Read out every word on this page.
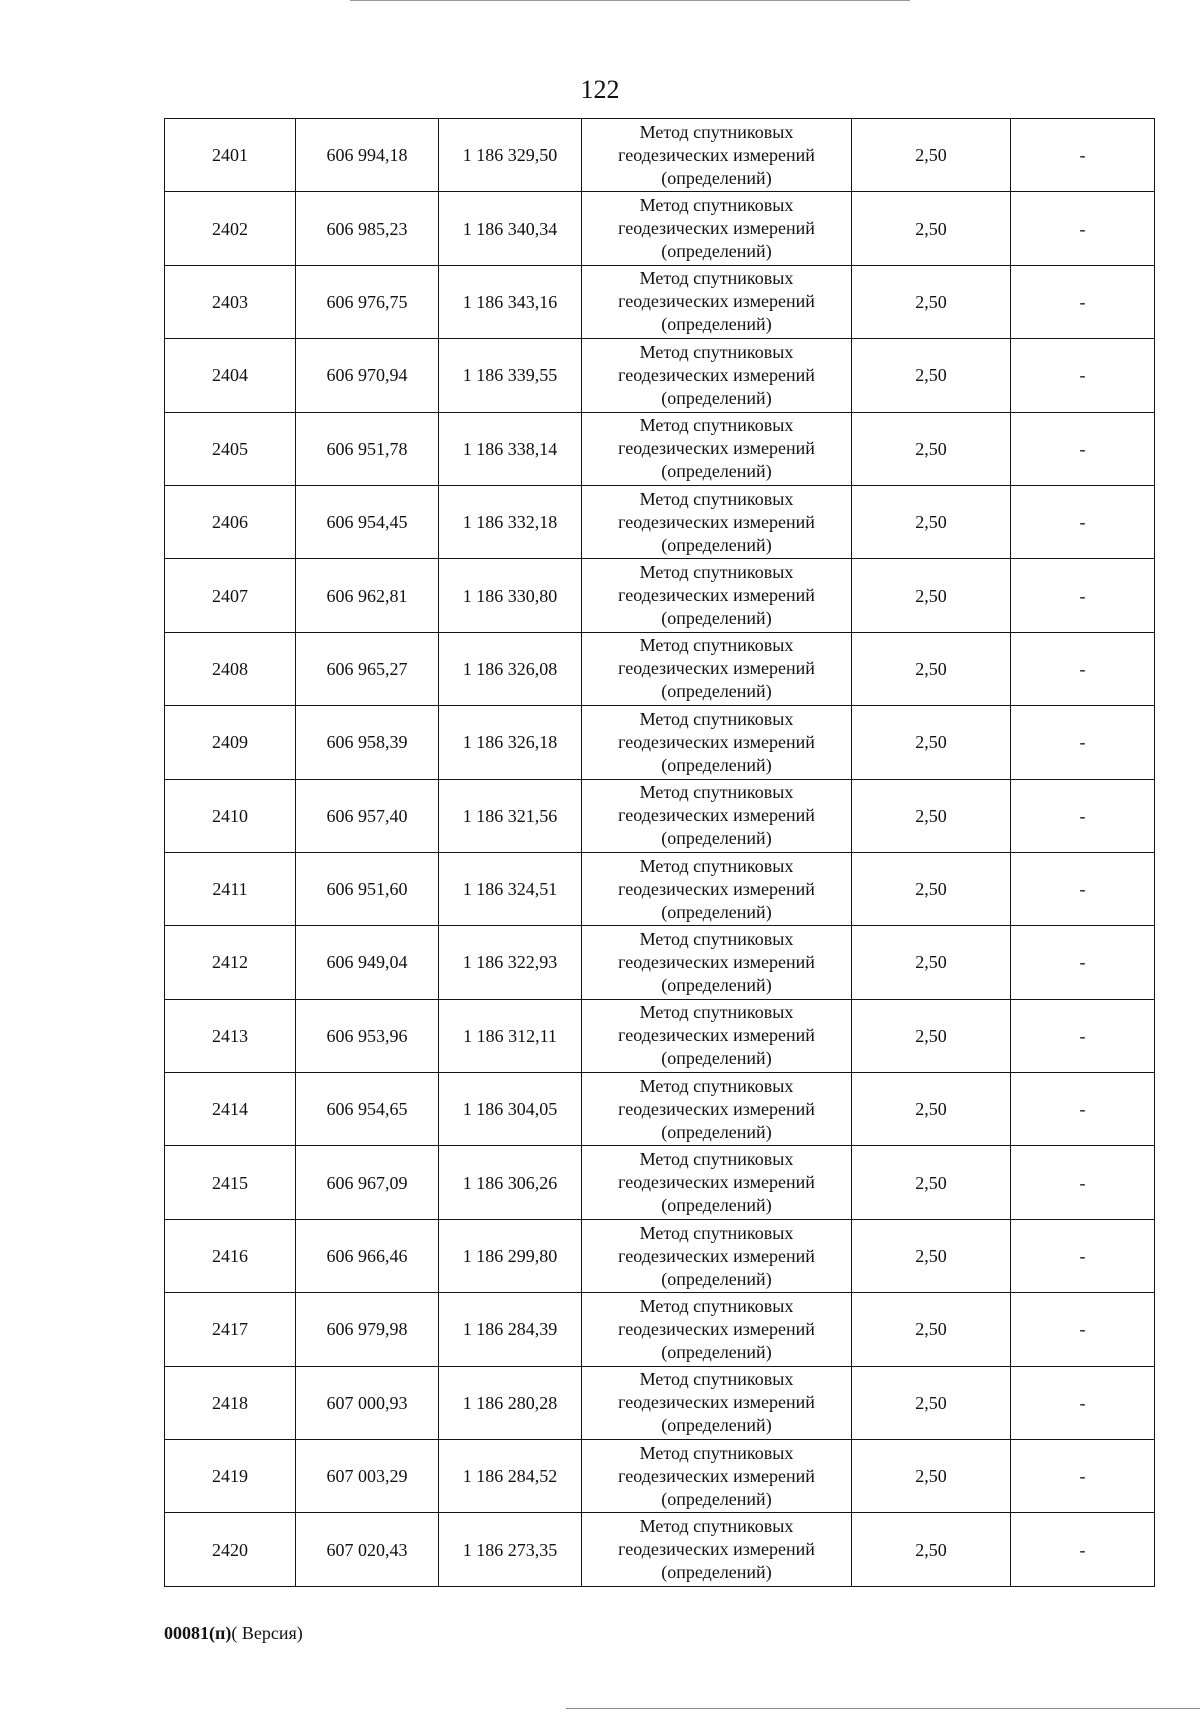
122
2401	606 994,18	1 186 329,50	Метод спутниковых
геодезических измерений
(определений)	2,50	-
2402	606 985,23	1 186 340,34	Метод спутниковых
геодезических измерений
(определений)	2,50	-
2403	606 976,75	1 186 343,16	Метод спутниковых
геодезических измерений
(определений)	2,50	-
2404	606 970,94	1 186 339,55	Метод спутниковых
геодезических измерений
(определений)	2,50	-
2405	606 951,78	1 186 338,14	Метод спутниковых
геодезических измерений
(определений)	2,50	-
2406	606 954,45	1 186 332,18	Метод спутниковых
геодезических измерений
(определений)	2,50	-
2407	606 962,81	1 186 330,80	Метод спутниковых
геодезических измерений
(определений)	2,50	-
2408	606 965,27	1 186 326,08	Метод спутниковых
геодезических измерений
(определений)	2,50	-
2409	606 958,39	1 186 326,18	Метод спутниковых
геодезических измерений
(определений)	2,50	-
2410	606 957,40	1 186 321,56	Метод спутниковых
геодезических измерений
(определений)	2,50	-
2411	606 951,60	1 186 324,51	Метод спутниковых
геодезических измерений
(определений)	2,50	-
2412	606 949,04	1 186 322,93	Метод спутниковых
геодезических измерений
(определений)	2,50	-
2413	606 953,96	1 186 312,11	Метод спутниковых
геодезических измерений
(определений)	2,50	-
2414	606 954,65	1 186 304,05	Метод спутниковых
геодезических измерений
(определений)	2,50	-
2415	606 967,09	1 186 306,26	Метод спутниковых
геодезических измерений
(определений)	2,50	-
2416	606 966,46	1 186 299,80	Метод спутниковых
геодезических измерений
(определений)	2,50	-
2417	606 979,98	1 186 284,39	Метод спутниковых
геодезических измерений
(определений)	2,50	-
2418	607 000,93	1 186 280,28	Метод спутниковых
геодезических измерений
(определений)	2,50	-
2419	607 003,29	1 186 284,52	Метод спутниковых
геодезических измерений
(определений)	2,50	-
2420	607 020,43	1 186 273,35	Метод спутниковых
геодезических измерений
(определений)	2,50	-
00081(п)( Версия)
